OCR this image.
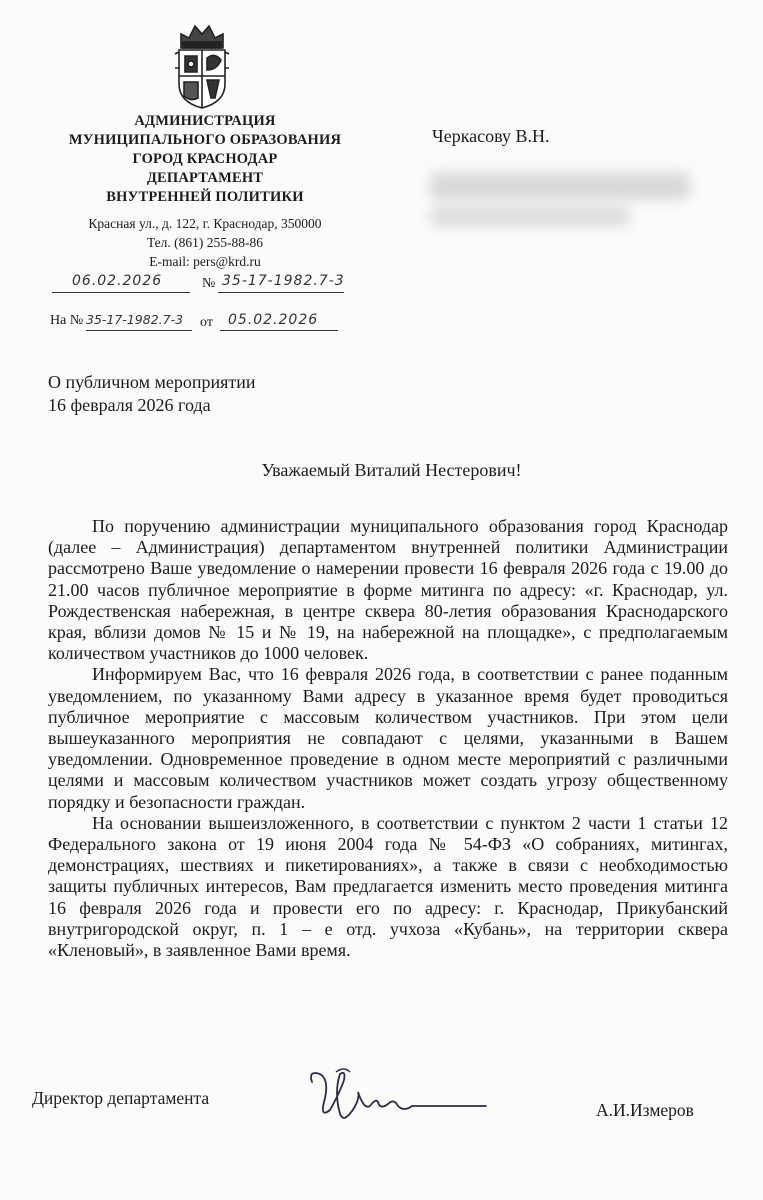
АДМИНИСТРАЦИЯ
МУНИЦИПАЛЬНОГО ОБРАЗОВАНИЯ
ГОРОД КРАСНОДАР
ДЕПАРТАМЕНТ
ВНУТРЕННЕЙ ПОЛИТИКИ
Красная ул., д. 122, г. Краснодар, 350000
Тел. (861) 255-88-86
E-mail: pers@krd.ru
06.02.2026	№ 35-17-1982.7-3
На № 35-17-1982.7-3 от 05.02.2026
Черкасову В.Н.
О публичном мероприятии
16 февраля 2026 года
Уважаемый Виталий Нестерович!

По поручению администрации муниципального образования город Краснодар (далее – Администрация) департаментом внутренней политики Администрации рассмотрено Ваше уведомление о намерении провести 16 февраля 2026 года с 19.00 до 21.00 часов публичное мероприятие в форме митинга по адресу: «г. Краснодар, ул. Рождественская набережная, в центре сквера 80-летия образования Краснодарского края, вблизи домов № 15 и № 19, на набережной на площадке», с предполагаемым количеством участников до 1000 человек.

Информируем Вас, что 16 февраля 2026 года, в соответствии с ранее поданным уведомлением, по указанному Вами адресу в указанное время будет проводиться публичное мероприятие с массовым количеством участников. При этом цели вышеуказанного мероприятия не совпадают с целями, указанными в Вашем уведомлении. Одновременное проведение в одном месте мероприятий с различными целями и массовым количеством участников может создать угрозу общественному порядку и безопасности граждан.

На основании вышеизложенного, в соответствии с пунктом 2 части 1 статьи 12 Федерального закона от 19 июня 2004 года № 54-ФЗ «О собраниях, митингах, демонстрациях, шествиях и пикетированиях», а также в связи с необходимостью защиты публичных интересов, Вам предлагается изменить место проведения митинга 16 февраля 2026 года и провести его по адресу: г. Краснодар, Прикубанский внутригородской округ, п. 1 – е отд. учхоза «Кубань», на территории сквера «Кленовый», в заявленное Вами время.

Директор департамента
А.И.Измеров
